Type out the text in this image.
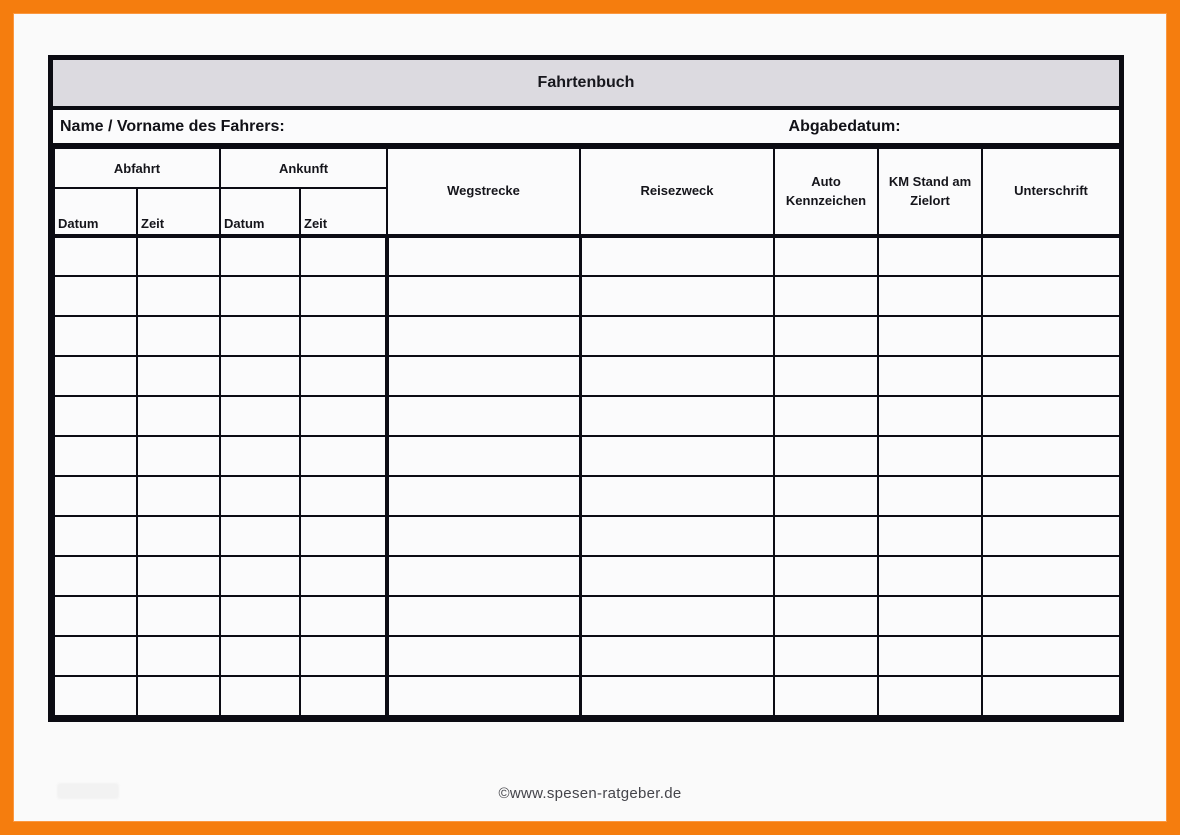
Fahrtenbuch
Name / Vorname des Fahrers:	Abgabedatum:
Abfahrt		Ankunft		Wegstrecke	Reisezweck	Auto Kennzeichen	KM Stand am Zielort	Unterschrift
Datum	Zeit	Datum	Zeit					

©www.spesen-ratgeber.de
